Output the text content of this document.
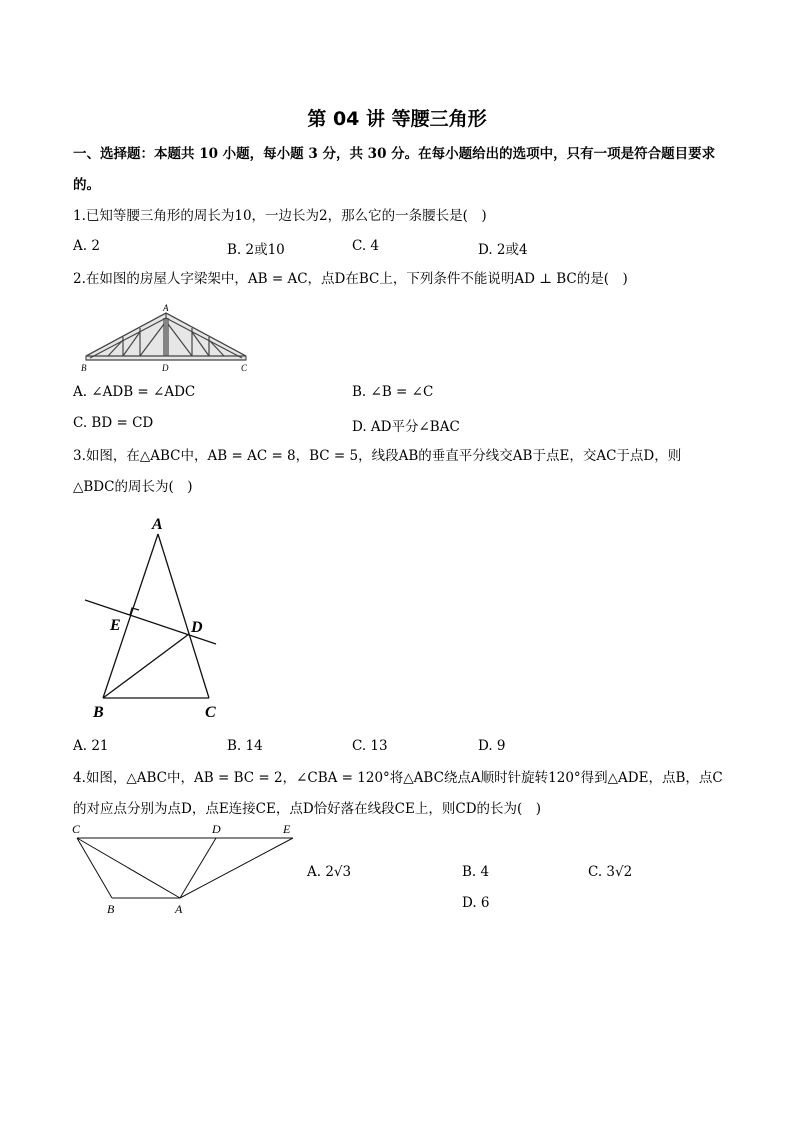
第 04 讲 等腰三角形
一、选择题：本题共 10 小题，每小题 3 分，共 30 分。在每小题给出的选项中，只有一项是符合题目要求
的。
1.已知等腰三角形的周长为10，一边长为2，那么它的一条腰长是(　)
A. 2	B. 2或10	C. 4	D. 2或4
2.在如图的房屋人字梁架中，AB = AC，点D在BC上，下列条件不能说明AD ⊥ BC的是(　)
A
B	D	C
A. ∠ADB = ∠ADC	B. ∠B = ∠C
C. BD = CD	D. AD平分∠BAC
3.如图，在△ABC中，AB = AC = 8，BC = 5，线段AB的垂直平分线交AB于点E，交AC于点D，则
△BDC的周长为(　)
A
E	D
B	C
A. 21	B. 14	C. 13	D. 9
4.如图，△ABC中，AB = BC = 2，∠CBA = 120°将△ABC绕点A顺时针旋转120°得到△ADE，点B，点C
的对应点分别为点D，点E连接CE，点D恰好落在线段CE上，则CD的长为(　)
C	D	E
B	A
A. 2√3	B. 4	C. 3√2
D. 6
